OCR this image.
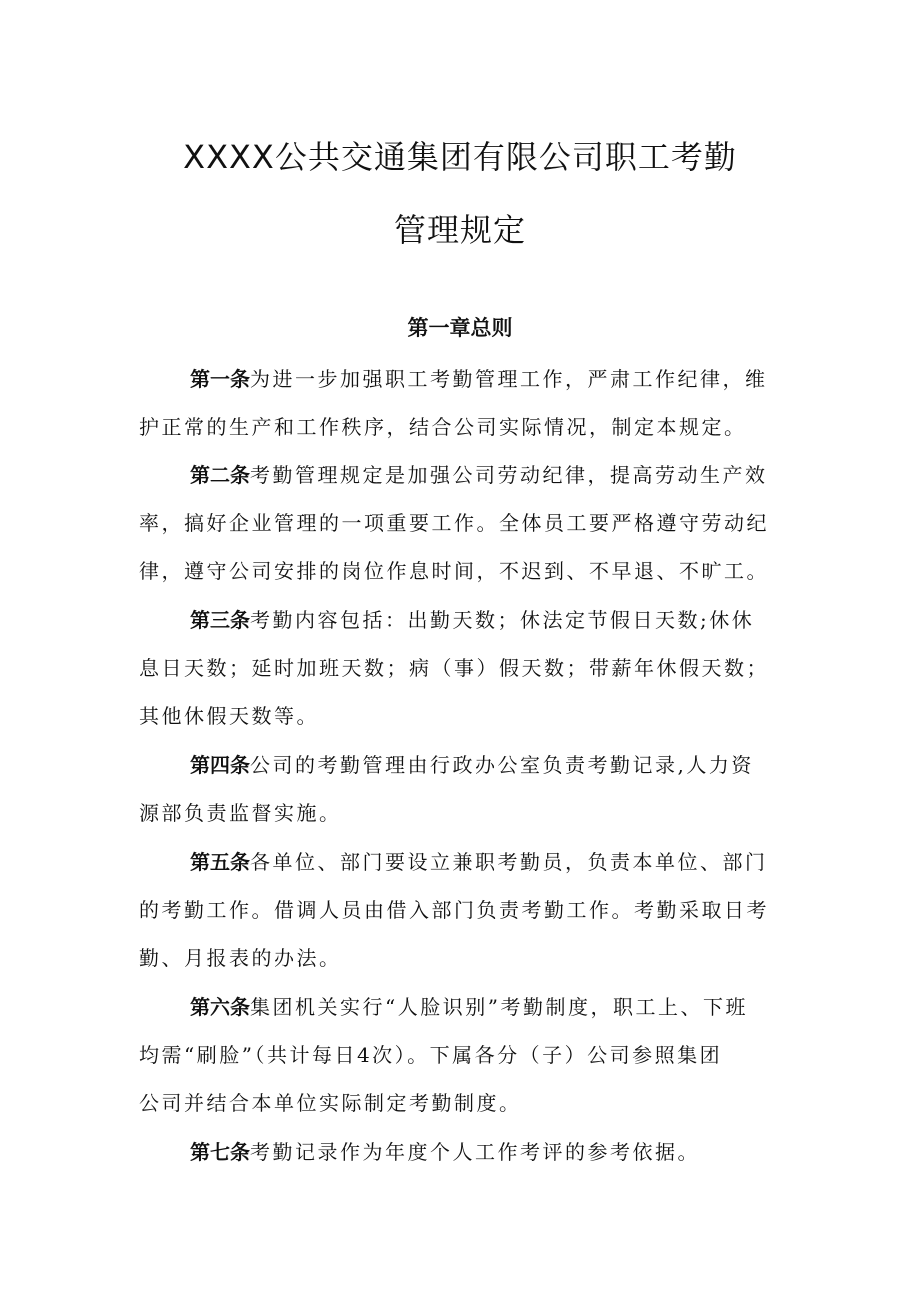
XXXX公共交通集团有限公司职工考勤
管理规定
第一章总则
第一条为进一步加强职工考勤管理工作，严肃工作纪律，维
护正常的生产和工作秩序，结合公司实际情况，制定本规定。
第二条考勤管理规定是加强公司劳动纪律，提高劳动生产效
率，搞好企业管理的一项重要工作。全体员工要严格遵守劳动纪
律，遵守公司安排的岗位作息时间，不迟到、不早退、不旷工。
第三条考勤内容包括：出勤天数；休法定节假日天数;休休
息日天数；延时加班天数；病（事）假天数；带薪年休假天数；
其他休假天数等。
第四条公司的考勤管理由行政办公室负责考勤记录,人力资
源部负责监督实施。
第五条各单位、部门要设立兼职考勤员，负责本单位、部门
的考勤工作。借调人员由借入部门负责考勤工作。考勤采取日考
勤、月报表的办法。
第六条集团机关实行“人脸识别”考勤制度，职工上、下班
均需“刷脸”（共计每日4次）。下属各分（子）公司参照集团
公司并结合本单位实际制定考勤制度。
第七条考勤记录作为年度个人工作考评的参考依据。
